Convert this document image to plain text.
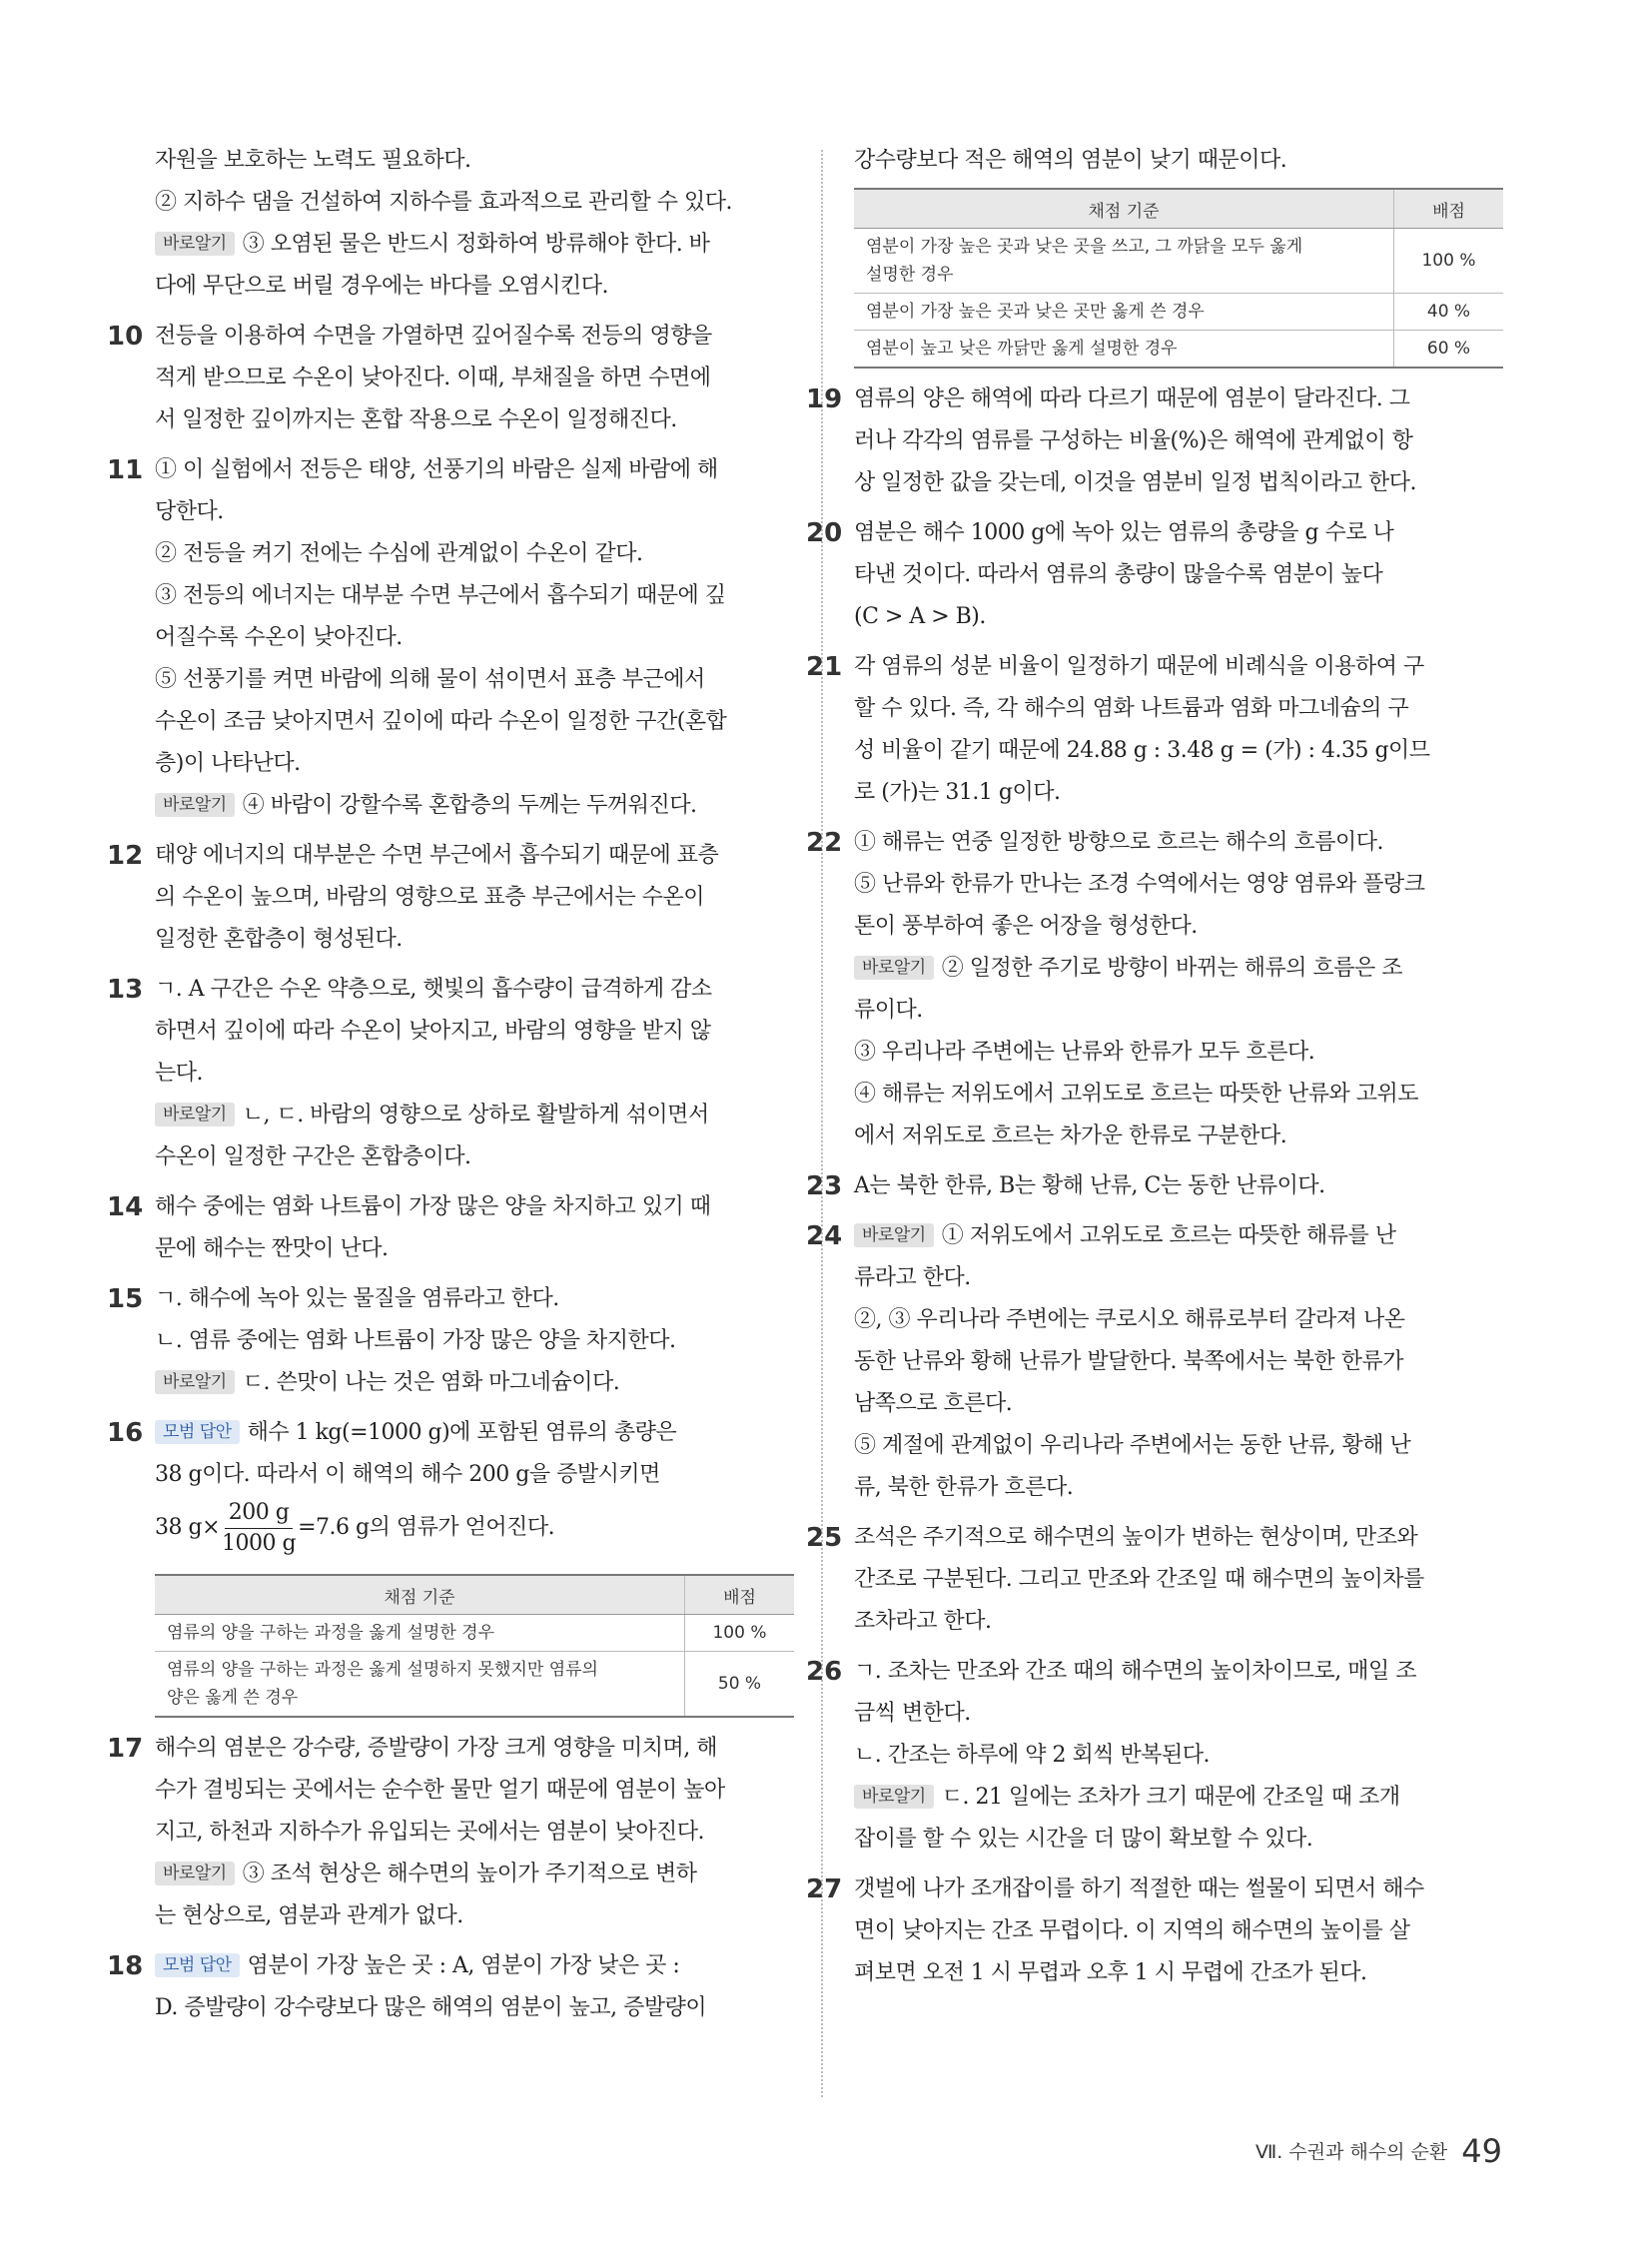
자원을 보호하는 노력도 필요하다.
② 지하수 댐을 건설하여 지하수를 효과적으로 관리할 수 있다.
바로알기 ③ 오염된 물은 반드시 정화하여 방류해야 한다. 바
다에 무단으로 버릴 경우에는 바다를 오염시킨다.
10 전등을 이용하여 수면을 가열하면 깊어질수록 전등의 영향을
적게 받으므로 수온이 낮아진다. 이때, 부채질을 하면 수면에
서 일정한 깊이까지는 혼합 작용으로 수온이 일정해진다.
11 ① 이 실험에서 전등은 태양, 선풍기의 바람은 실제 바람에 해
당한다.
② 전등을 켜기 전에는 수심에 관계없이 수온이 같다.
③ 전등의 에너지는 대부분 수면 부근에서 흡수되기 때문에 깊
어질수록 수온이 낮아진다.
⑤ 선풍기를 켜면 바람에 의해 물이 섞이면서 표층 부근에서
수온이 조금 낮아지면서 깊이에 따라 수온이 일정한 구간(혼합
층)이 나타난다.
바로알기 ④ 바람이 강할수록 혼합층의 두께는 두꺼워진다.
12 태양 에너지의 대부분은 수면 부근에서 흡수되기 때문에 표층
의 수온이 높으며, 바람의 영향으로 표층 부근에서는 수온이
일정한 혼합층이 형성된다.
13 ㄱ. A 구간은 수온 약층으로, 햇빛의 흡수량이 급격하게 감소
하면서 깊이에 따라 수온이 낮아지고, 바람의 영향을 받지 않
는다.
바로알기 ㄴ, ㄷ. 바람의 영향으로 상하로 활발하게 섞이면서
수온이 일정한 구간은 혼합층이다.
14 해수 중에는 염화 나트륨이 가장 많은 양을 차지하고 있기 때
문에 해수는 짠맛이 난다.
15 ㄱ. 해수에 녹아 있는 물질을 염류라고 한다.
ㄴ. 염류 중에는 염화 나트륨이 가장 많은 양을 차지한다.
바로알기 ㄷ. 쓴맛이 나는 것은 염화 마그네슘이다.
16	모범 답안 해수 1 kg(=1000 g)에 포함된 염류의 총량은
38 g이다. 따라서 이 해역의 해수 200 g을 증발시키면
38 $g\times \frac{200 g}{1000 g} =7.6$ g의 염류가 얻어진다.
채점 기준	배점
염류의 양을 구하는 과정을 옳게 설명한 경우	100 %

염류의 양을 구하는 과정은 옳게 설명하지 못했지만 염류의
양은 옳게 쓴 경우	50 %
17 해수의 염분은 강수량, 증발량이 가장 크게 영향을 미치며, 해
수가 결빙되는 곳에서는 순수한 물만 얼기 때문에 염분이 높아
지고, 하천과 지하수가 유입되는 곳에서는 염분이 낮아진다.
바로알기 ③ 조석 현상은 해수면의 높이가 주기적으로 변하
는 현상으로, 염분과 관계가 없다.
18	모범 답안 염분이 가장 높은 곳 : A, 염분이 가장 낮은 곳 :
D. 증발량이 강수량보다 많은 해역의 염분이 높고, 증발량이
강수량보다 적은 해역의 염분이 낮기 때문이다.
채점 기준	배점

염분이 가장 높은 곳과 낮은 곳을 쓰고, 그 까닭을 모두 옳게
설명한 경우	100 %
염분이 가장 높은 곳과 낮은 곳만 옳게 쓴 경우	40 %
염분이 높고 낮은 까닭만 옳게 설명한 경우	60 %
19 염류의 양은 해역에 따라 다르기 때문에 염분이 달라진다. 그
러나 각각의 염류를 구성하는 비율(%)은 해역에 관계없이 항
상 일정한 값을 갖는데, 이것을 염분비 일정 법칙이라고 한다.
20 염분은 해수 1000 g에 녹아 있는 염류의 총량을 g 수로 나
타낸 것이다. 따라서 염류의 총량이 많을수록 염분이 높다
(C > A > B).
21 각 염류의 성분 비율이 일정하기 때문에 비례식을 이용하여 구
할 수 있다. 즉, 각 해수의 염화 나트륨과 염화 마그네슘의 구
성 비율이 같기 때문에 24.88 g : 3.48 g = (가) : 4.35 g이므
로 (가)는 31.1 g이다.
22 ① 해류는 연중 일정한 방향으로 흐르는 해수의 흐름이다.
⑤ 난류와 한류가 만나는 조경 수역에서는 영양 염류와 플랑크
톤이 풍부하여 좋은 어장을 형성한다.
바로알기 ② 일정한 주기로 방향이 바뀌는 해류의 흐름은 조
류이다.
③ 우리나라 주변에는 난류와 한류가 모두 흐른다.
④ 해류는 저위도에서 고위도로 흐르는 따뜻한 난류와 고위도
에서 저위도로 흐르는 차가운 한류로 구분한다.
23 A는 북한 한류, B는 황해 난류, C는 동한 난류이다.
24	바로알기 ① 저위도에서 고위도로 흐르는 따뜻한 해류를 난
류라고 한다.
②, ③ 우리나라 주변에는 쿠로시오 해류로부터 갈라져 나온
동한 난류와 황해 난류가 발달한다. 북쪽에서는 북한 한류가
남쪽으로 흐른다.
⑤ 계절에 관계없이 우리나라 주변에서는 동한 난류, 황해 난
류, 북한 한류가 흐른다.
25 조석은 주기적으로 해수면의 높이가 변하는 현상이며, 만조와
간조로 구분된다. 그리고 만조와 간조일 때 해수면의 높이차를
조차라고 한다.
26 ㄱ. 조차는 만조와 간조 때의 해수면의 높이차이므로, 매일 조
금씩 변한다.
ㄴ. 간조는 하루에 약 2 회씩 반복된다.
바로알기 ㄷ. 21 일에는 조차가 크기 때문에 간조일 때 조개
잡이를 할 수 있는 시간을 더 많이 확보할 수 있다.
27 갯벌에 나가 조개잡이를 하기 적절한 때는 썰물이 되면서 해수
면이 낮아지는 간조 무렵이다. 이 지역의 해수면의 높이를 살
펴보면 오전 1 시 무렵과 오후 1 시 무렵에 간조가 된다.
Ⅶ. 수권과 해수의 순환 49
